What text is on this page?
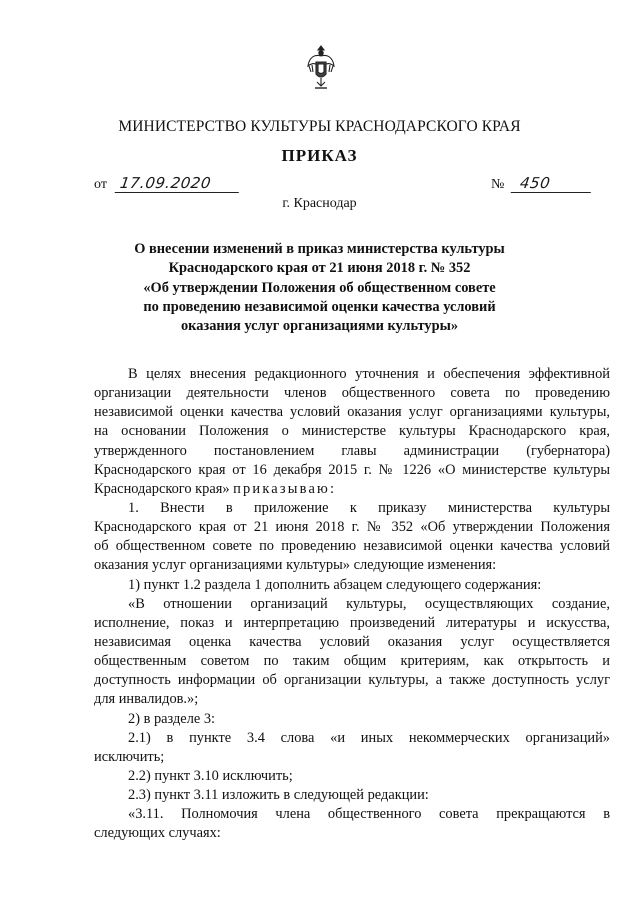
МИНИСТЕРСТВО КУЛЬТУРЫ КРАСНОДАРСКОГО КРАЯ
ПРИКАЗ
от 17.09.2020	№ 450
г. Краснодар
О внесении изменений в приказ министерства культуры
Краснодарского края от 21 июня 2018 г. № 352
«Об утверждении Положения об общественном совете
по проведению независимой оценки качества условий
оказания услуг организациями культуры»
В целях внесения редакционного уточнения и обеспечения эффективной
организации деятельности членов общественного совета по проведению
независимой оценки качества условий оказания услуг организациями культуры,
на основании Положения о министерстве культуры Краснодарского края,
утвержденного постановлением главы администрации (губернатора)
Краснодарского края от 16 декабря 2015 г. № 1226 «О министерстве культуры
Краснодарского края» приказываю:
1. Внести в приложение к приказу министерства культуры
Краснодарского края от 21 июня 2018 г. № 352 «Об утверждении Положения
об общественном совете по проведению независимой оценки качества условий
оказания услуг организациями культуры» следующие изменения:
1) пункт 1.2 раздела 1 дополнить абзацем следующего содержания:
«В отношении организаций культуры, осуществляющих создание,
исполнение, показ и интерпретацию произведений литературы и искусства,
независимая оценка качества условий оказания услуг осуществляется
общественным советом по таким общим критериям, как открытость и
доступность информации об организации культуры, а также доступность услуг
для инвалидов.»;
2) в разделе 3:
2.1) в пункте 3.4 слова «и иных некоммерческих организаций»
исключить;
2.2) пункт 3.10 исключить;
2.3) пункт 3.11 изложить в следующей редакции:
«3.11. Полномочия члена общественного совета прекращаются в
следующих случаях:
